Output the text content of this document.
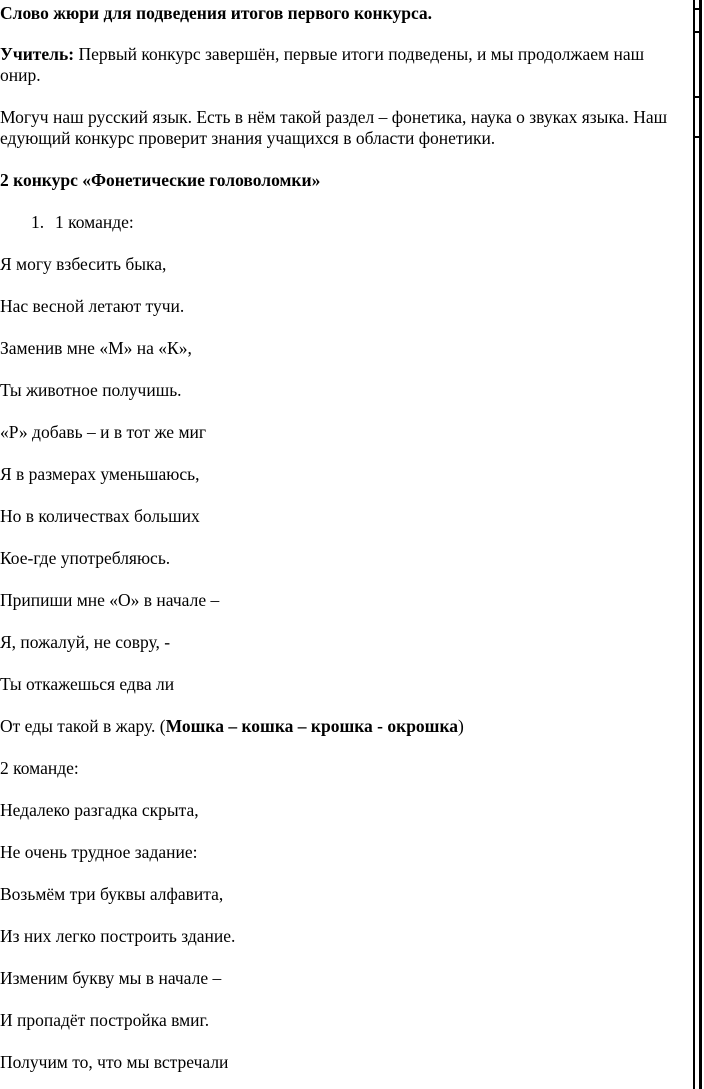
Слово жюри для подведения итогов первого конкурса.
Учитель: Первый конкурс завершён, первые итоги подведены, и мы продолжаем наш
онир.
Могуч наш русский язык. Есть в нём такой раздел – фонетика, наука о звуках языка. Наш
едующий конкурс проверит знания учащихся в области фонетики.
2 конкурс «Фонетические головоломки»
1. 1 команде:
Я могу взбесить быка,
Нас весной летают тучи.
Заменив мне «М» на «К»,
Ты животное получишь.
«Р» добавь – и в тот же миг
Я в размерах уменьшаюсь,
Но в количествах больших
Кое-где употребляюсь.
Припиши мне «О» в начале –
Я, пожалуй, не совру, -
Ты откажешься едва ли
От еды такой в жару. (Мошка – кошка – крошка - окрошка)
2 команде:
Недалеко разгадка скрыта,
Не очень трудное задание:
Возьмём три буквы алфавита,
Из них легко построить здание.
Изменим букву мы в начале –
И пропадёт постройка вмиг.
Получим то, что мы встречали
